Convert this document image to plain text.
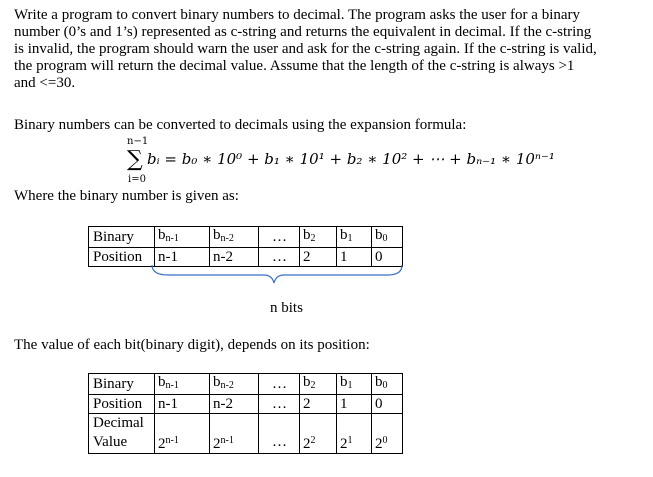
Write a program to convert binary numbers to decimal. The program asks the user for a binary
number (0’s and 1’s) represented as c-string and returns the equivalent in decimal. If the c-string
is invalid, the program should warn the user and ask for the c-string again. If the c-string is valid,
the program will return the decimal value. Assume that the length of the c-string is always >1
and <=30.
Binary numbers can be converted to decimals using the expansion formula:
n−1
∑
i=0
bᵢ = b₀ ∗ 10⁰ + b₁ ∗ 10¹ + b₂ ∗ 10² + ⋯ + bₙ₋₁ ∗ 10ⁿ⁻¹
Where the binary number is given as:
Binary	$b_{n-1}$	$b_{n-2}$	…	$b_2$	$b_1$	$b_0$
Position	n-1	n-2	…	2	1	0
n bits
The value of each bit(binary digit), depends on its position:
Binary	$b_{n-1}$	$b_{n-2}$	…	$b_2$	$b_1$	$b_0$
Position	n-1	n-2	…	2	1	0
Decimal						
Value	2$^{n-1}$	2$^{n-1}$	…	$2^2$	$2^1$	$2^0$
